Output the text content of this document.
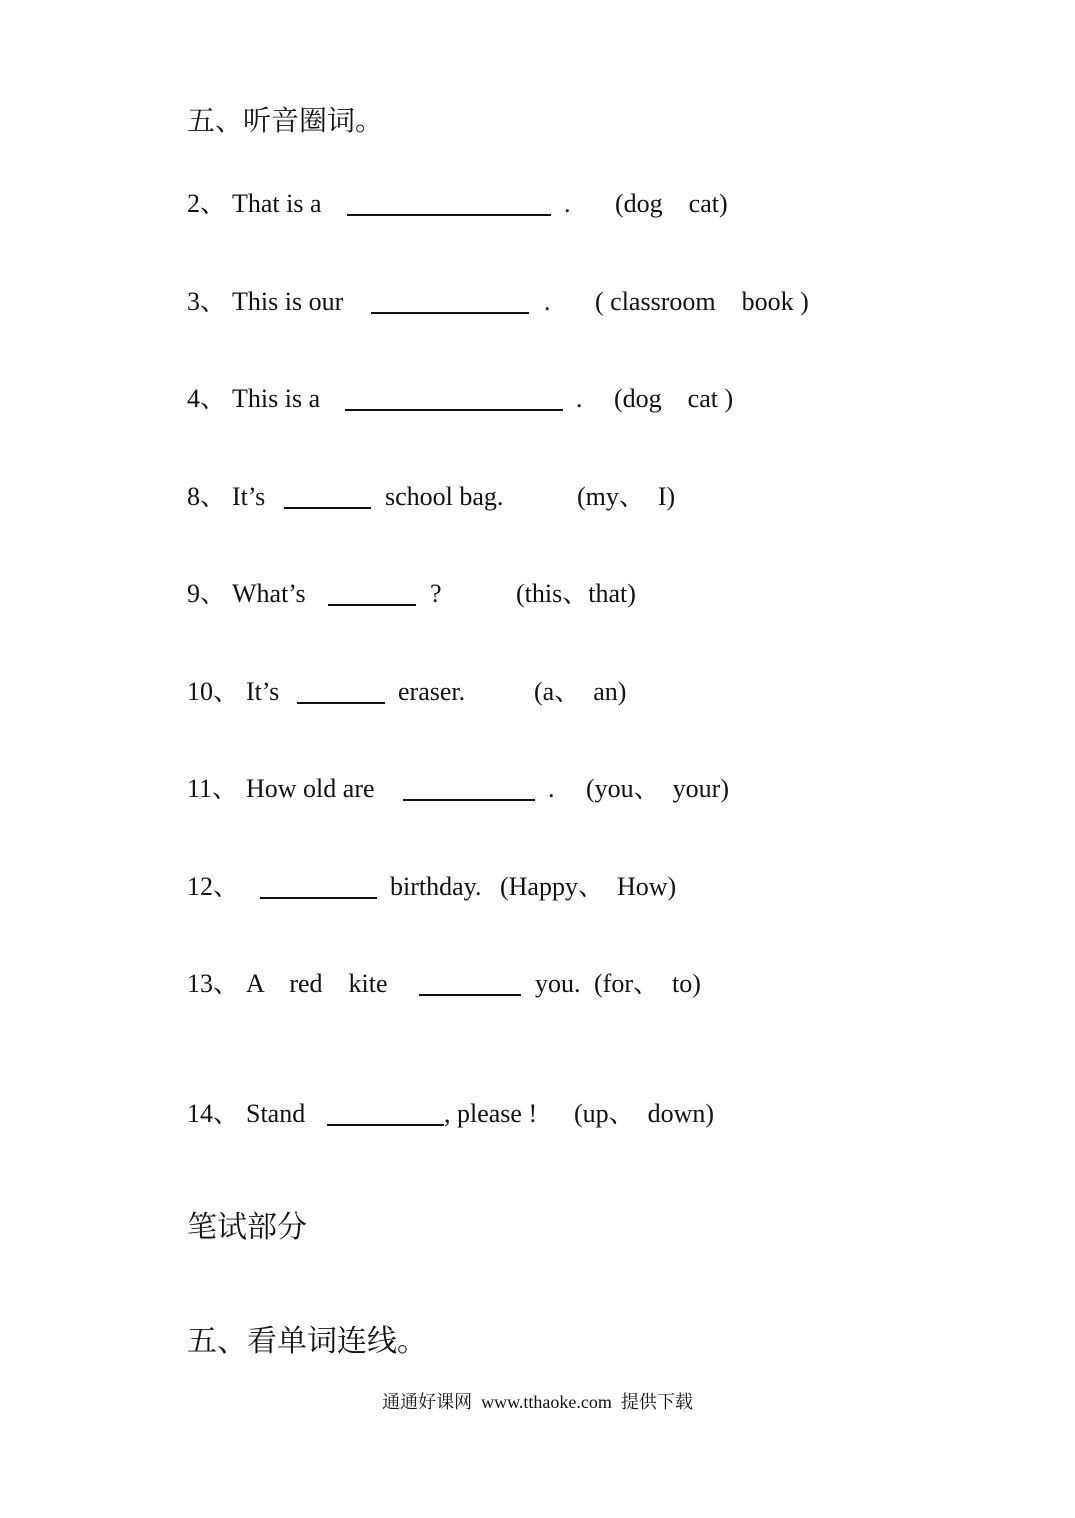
五、听音圈词。
2、 That is a	. (dog    cat)
3、 This is our	. ( classroom    book )
4、 This is a	. (dog    cat )
8、 It’s	school bag.	(my、  I)
9、 What’s	?	(this、that)
10、 It’s	eraser.	(a、  an)
11、 How old are	. (you、  your)
12、	birthday. (Happy、  How)
13、 A    red    kite	you. (for、  to)
14、 Stand	, please ! (up、  down)
笔试部分
五、看单词连线。
通通好课网  www.tthaoke.com  提供下载
